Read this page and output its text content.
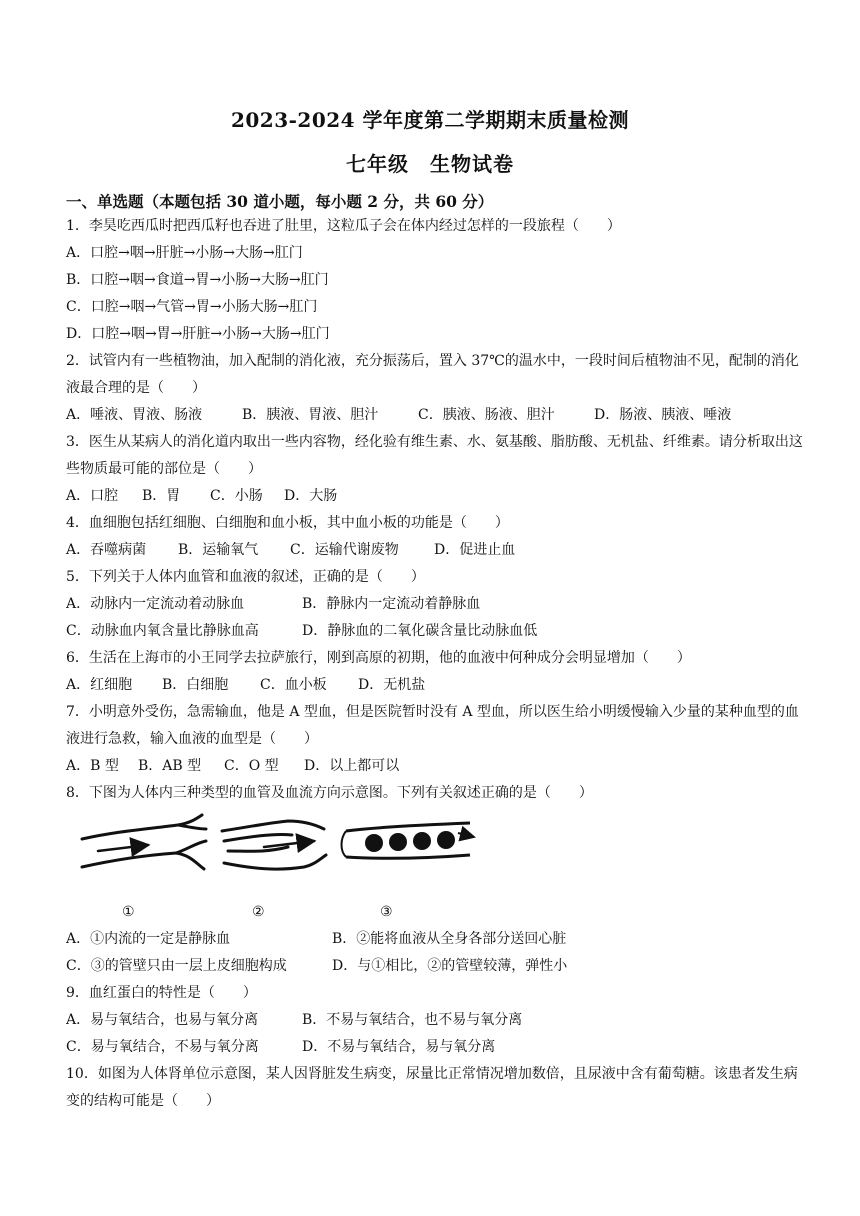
2023-2024 学年度第二学期期末质量检测
七年级　生物试卷
一、单选题（本题包括 30 道小题，每小题 2 分，共 60 分）
1．李昊吃西瓜时把西瓜籽也吞进了肚里，这粒瓜子会在体内经过怎样的一段旅程（　　）
A．口腔→咽→肝脏→小肠→大肠→肛门
B．口腔→咽→食道→胃→小肠→大肠→肛门
C．口腔→咽→气管→胃→小肠大肠→肛门
D．口腔→咽→胃→肝脏→小肠→大肠→肛门
2．试管内有一些植物油，加入配制的消化液，充分振荡后，置入 37℃的温水中，一段时间后植物油不见，配制的消化液最合理的是（　　）
A．唾液、胃液、肠液	B．胰液、胃液、胆汁	C．胰液、肠液、胆汁	D．肠液、胰液、唾液
3．医生从某病人的消化道内取出一些内容物，经化验有维生素、水、氨基酸、脂肪酸、无机盐、纤维素。请分析取出这些物质最可能的部位是（　　）
A．口腔 B．胃 C．小肠 D．大肠
4．血细胞包括红细胞、白细胞和血小板，其中血小板的功能是（　　）
A．吞噬病菌 B．运输氧气 C．运输代谢废物	D．促进止血
5．下列关于人体内血管和血液的叙述，正确的是（　　）
A．动脉内一定流动着动脉血	B．静脉内一定流动着静脉血
C．动脉血内氧含量比静脉血高	D．静脉血的二氧化碳含量比动脉血低
6．生活在上海市的小王同学去拉萨旅行，刚到高原的初期，他的血液中何种成分会明显增加（　　）
A．红细胞 B．白细胞 C．血小板 D．无机盐
7．小明意外受伤，急需输血，他是 A 型血，但是医院暂时没有 A 型血，所以医生给小明缓慢输入少量的某种血型的血液进行急救，输入血液的血型是（　　）
A．B 型 B．AB 型 C．O 型 D．以上都可以
8．下图为人体内三种类型的血管及血流方向示意图。下列有关叙述正确的是（　　）
①	②	③
A．①内流的一定是静脉血	B．②能将血液从全身各部分送回心脏
C．③的管壁只由一层上皮细胞构成	D．与①相比，②的管壁较薄，弹性小
9．血红蛋白的特性是（　　）
A．易与氧结合，也易与氧分离	B．不易与氧结合，也不易与氧分离
C．易与氧结合，不易与氧分离	D．不易与氧结合，易与氧分离
10．如图为人体肾单位示意图，某人因肾脏发生病变，尿量比正常情况增加数倍，且尿液中含有葡萄糖。该患者发生病变的结构可能是（　　）
